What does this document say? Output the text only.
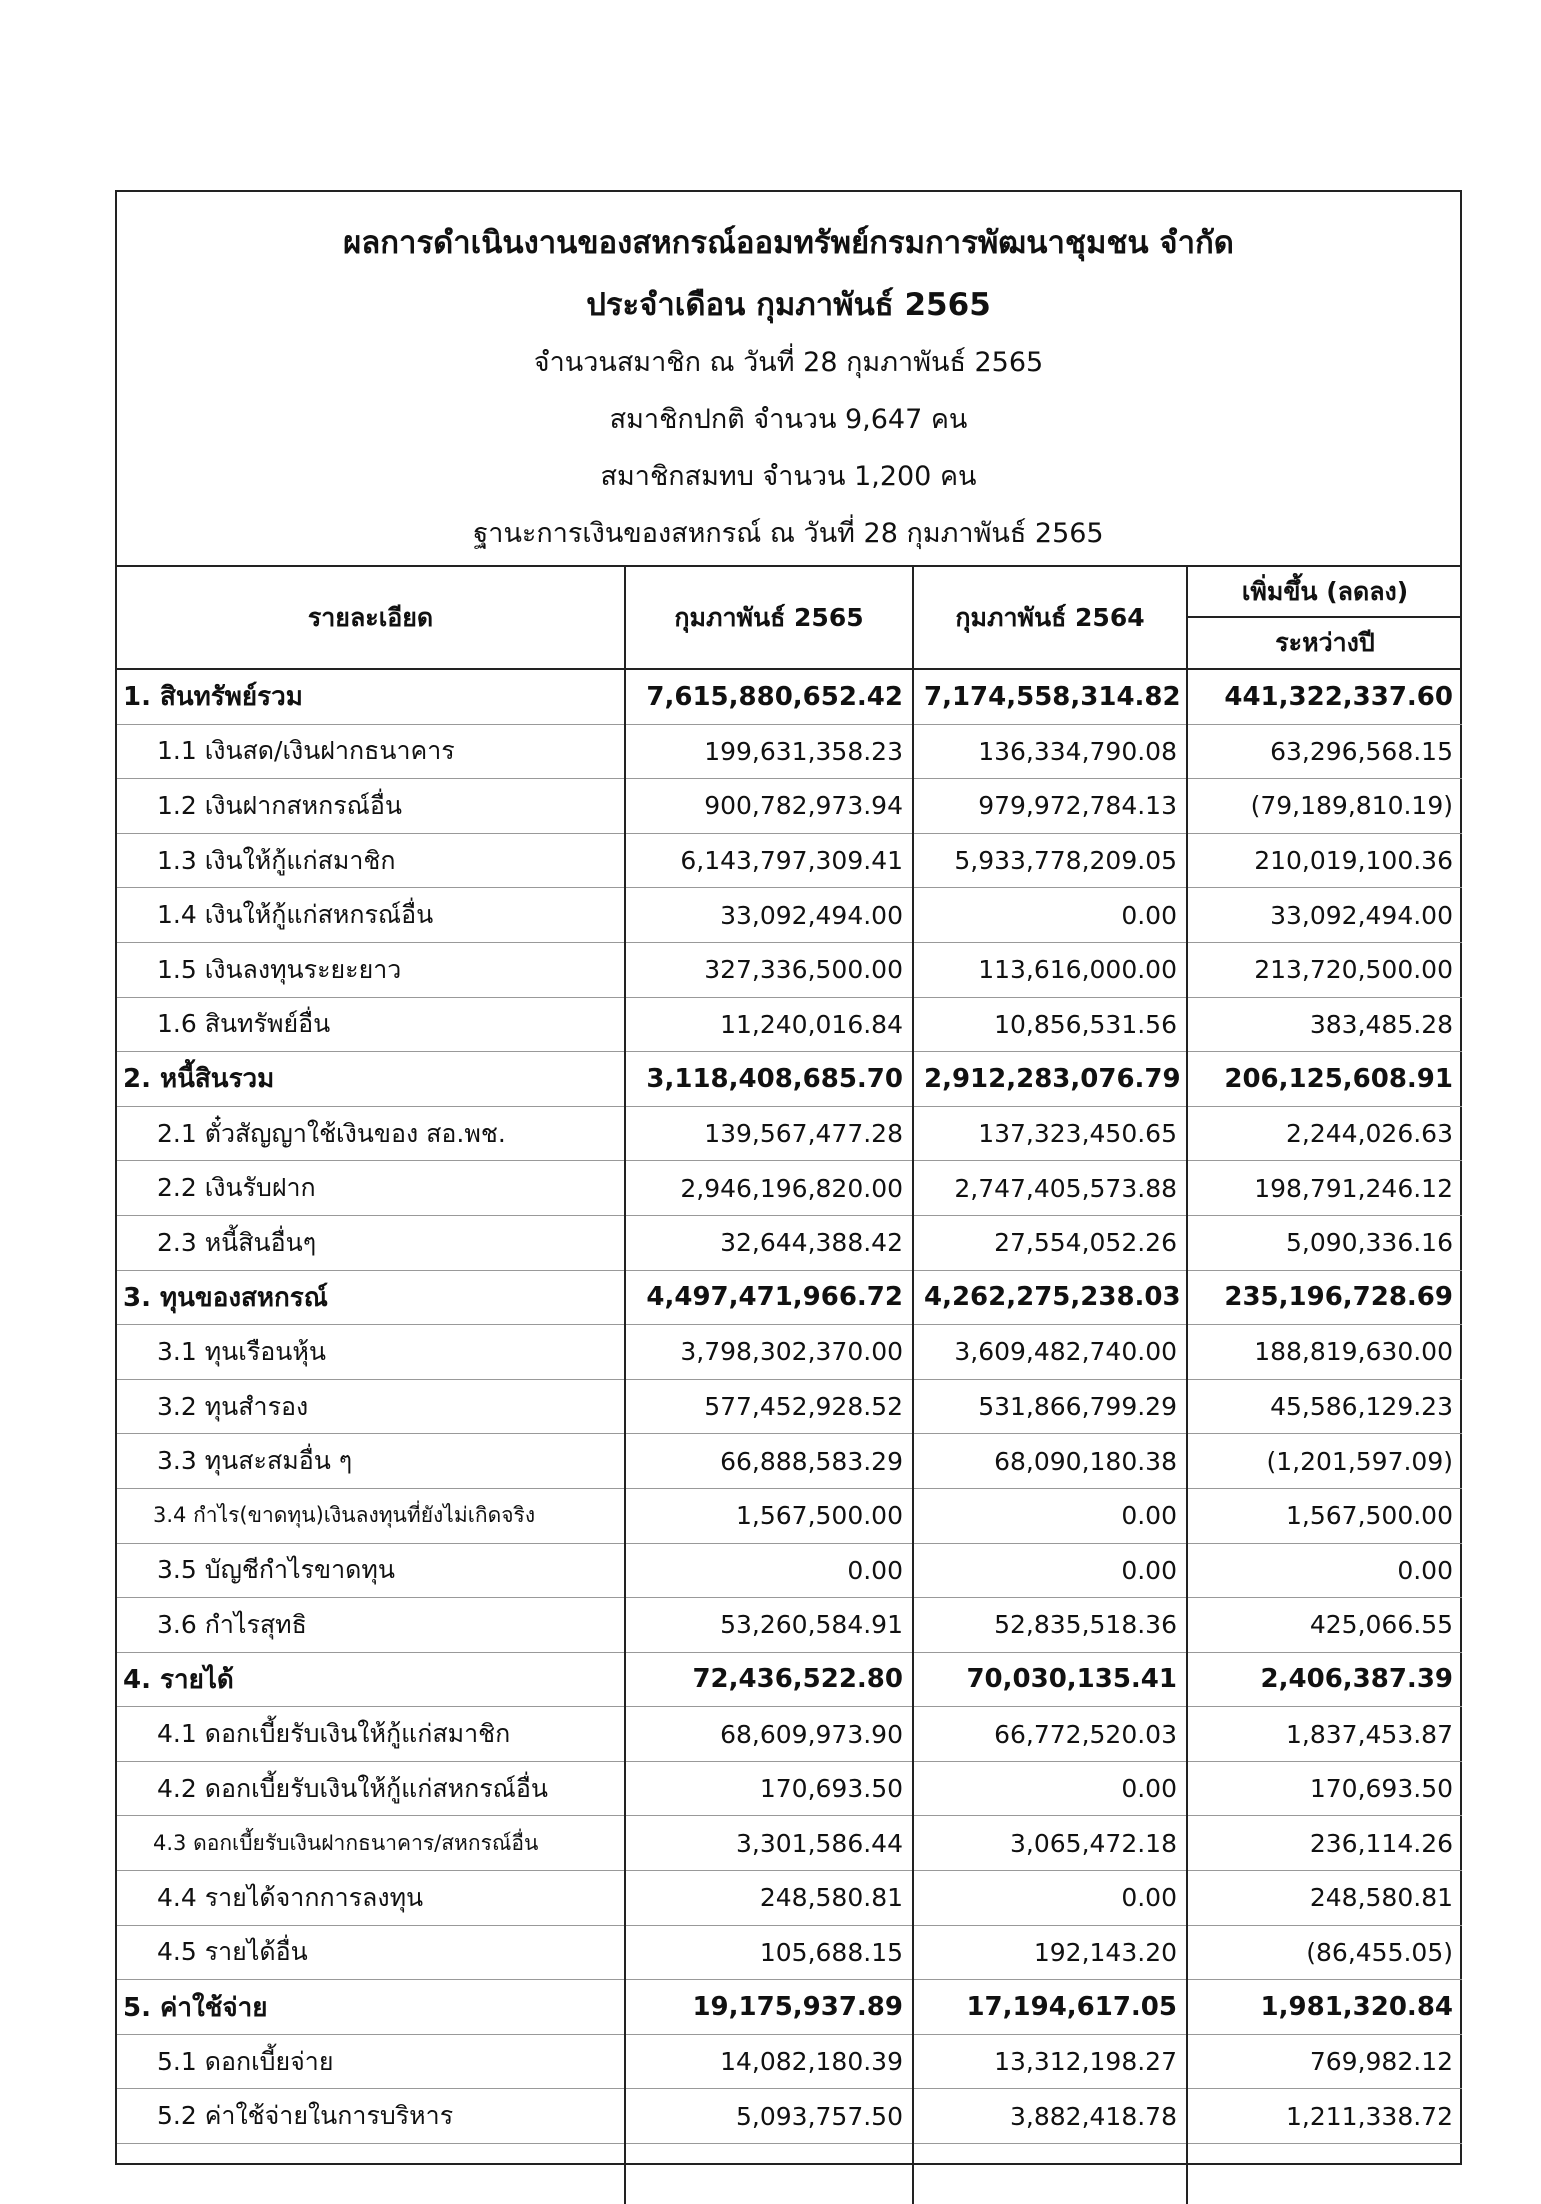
ผลการดำเนินงานของสหกรณ์ออมทรัพย์กรมการพัฒนาชุมชน จำกัด
ประจำเดือน กุมภาพันธ์ 2565
จำนวนสมาชิก ณ วันที่ 28 กุมภาพันธ์ 2565
สมาชิกปกติ จำนวน 9,647 คน
สมาชิกสมทบ จำนวน 1,200 คน
ฐานะการเงินของสหกรณ์ ณ วันที่ 28 กุมภาพันธ์ 2565
รายละเอียด	กุมภาพันธ์ 2565	กุมภาพันธ์ 2564	เพิ่มขึ้น (ลดลง)
			ระหว่างปี
1. สินทรัพย์รวม	7,615,880,652.42	7,174,558,314.82	441,322,337.60
1.1 เงินสด/เงินฝากธนาคาร	199,631,358.23	136,334,790.08	63,296,568.15
1.2 เงินฝากสหกรณ์อื่น	900,782,973.94	979,972,784.13	(79,189,810.19)
1.3 เงินให้กู้แก่สมาชิก	6,143,797,309.41	5,933,778,209.05	210,019,100.36
1.4 เงินให้กู้แก่สหกรณ์อื่น	33,092,494.00	0.00	33,092,494.00
1.5 เงินลงทุนระยะยาว	327,336,500.00	113,616,000.00	213,720,500.00
1.6 สินทรัพย์อื่น	11,240,016.84	10,856,531.56	383,485.28
2. หนี้สินรวม	3,118,408,685.70	2,912,283,076.79	206,125,608.91
2.1 ตั๋วสัญญาใช้เงินของ สอ.พช.	139,567,477.28	137,323,450.65	2,244,026.63
2.2 เงินรับฝาก	2,946,196,820.00	2,747,405,573.88	198,791,246.12
2.3 หนี้สินอื่นๆ	32,644,388.42	27,554,052.26	5,090,336.16
3. ทุนของสหกรณ์	4,497,471,966.72	4,262,275,238.03	235,196,728.69
3.1 ทุนเรือนหุ้น	3,798,302,370.00	3,609,482,740.00	188,819,630.00
3.2 ทุนสำรอง	577,452,928.52	531,866,799.29	45,586,129.23
3.3 ทุนสะสมอื่น ๆ	66,888,583.29	68,090,180.38	(1,201,597.09)
3.4 กำไร(ขาดทุน)เงินลงทุนที่ยังไม่เกิดจริง	1,567,500.00	0.00	1,567,500.00
3.5 บัญชีกำไรขาดทุน	0.00	0.00	0.00
3.6 กำไรสุทธิ	53,260,584.91	52,835,518.36	425,066.55
4. รายได้	72,436,522.80	70,030,135.41	2,406,387.39
4.1 ดอกเบี้ยรับเงินให้กู้แก่สมาชิก	68,609,973.90	66,772,520.03	1,837,453.87
4.2 ดอกเบี้ยรับเงินให้กู้แก่สหกรณ์อื่น	170,693.50	0.00	170,693.50
4.3 ดอกเบี้ยรับเงินฝากธนาคาร/สหกรณ์อื่น	3,301,586.44	3,065,472.18	236,114.26
4.4 รายได้จากการลงทุน	248,580.81	0.00	248,580.81
4.5 รายได้อื่น	105,688.15	192,143.20	(86,455.05)
5. ค่าใช้จ่าย	19,175,937.89	17,194,617.05	1,981,320.84
5.1 ดอกเบี้ยจ่าย	14,082,180.39	13,312,198.27	769,982.12
5.2 ค่าใช้จ่ายในการบริหาร	5,093,757.50	3,882,418.78	1,211,338.72
